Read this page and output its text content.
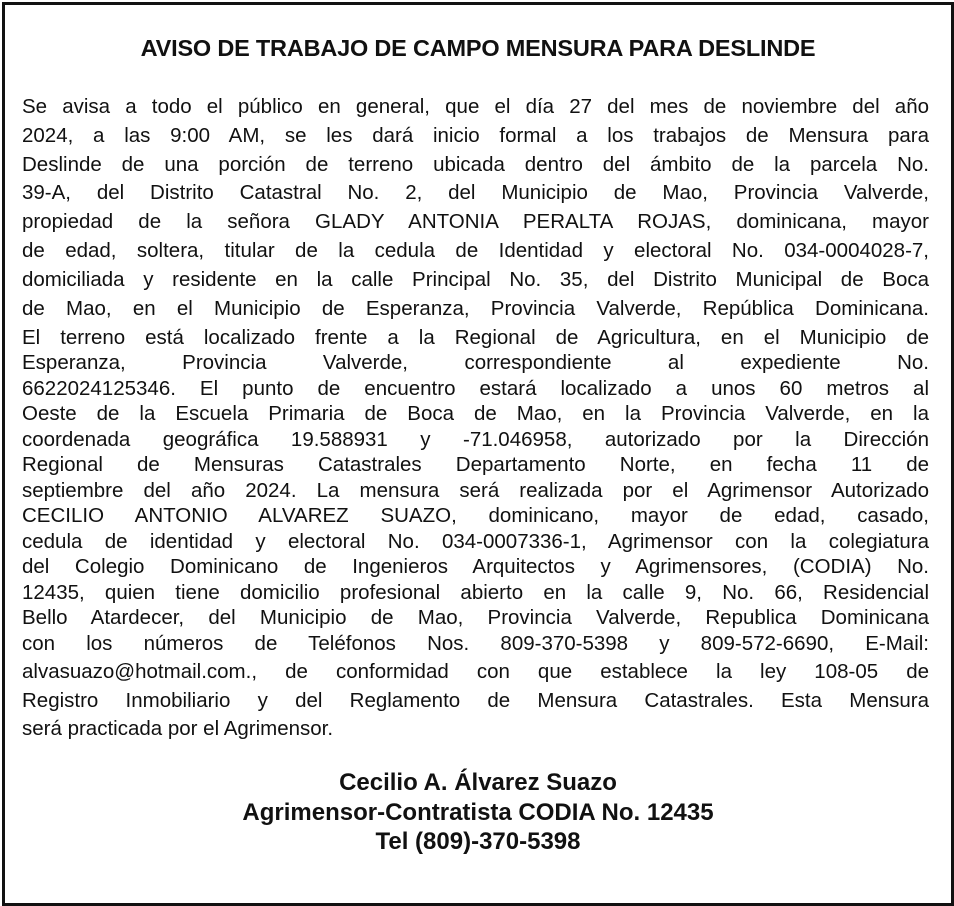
AVISO DE TRABAJO DE CAMPO MENSURA PARA DESLINDE
Se avisa a todo el público en general, que el día 27 del mes de noviembre del año
2024, a las 9:00 AM, se les dará inicio formal a los trabajos de Mensura para
Deslinde de una porción de terreno ubicada dentro del ámbito de la parcela No.
39-A, del Distrito Catastral No. 2, del Municipio de Mao, Provincia Valverde,
propiedad de la señora GLADY ANTONIA PERALTA ROJAS, dominicana, mayor
de edad, soltera, titular de la cedula de Identidad y electoral No. 034-0004028-7,
domiciliada y residente en la calle Principal No. 35, del Distrito Municipal de Boca
de Mao, en el Municipio de Esperanza, Provincia Valverde, República Dominicana.
El terreno está localizado frente a la Regional de Agricultura, en el Municipio de
Esperanza, Provincia Valverde, correspondiente al expediente No.
6622024125346. El punto de encuentro estará localizado a unos 60 metros al
Oeste de la Escuela Primaria de Boca de Mao, en la Provincia Valverde, en la
coordenada geográfica 19.588931 y -71.046958, autorizado por la Dirección
Regional de Mensuras Catastrales Departamento Norte, en fecha 11 de
septiembre del año 2024. La mensura será realizada por el Agrimensor Autorizado
CECILIO ANTONIO ALVAREZ SUAZO, dominicano, mayor de edad, casado,
cedula de identidad y electoral No. 034-0007336-1, Agrimensor con la colegiatura
del Colegio Dominicano de Ingenieros Arquitectos y Agrimensores, (CODIA) No.
12435, quien tiene domicilio profesional abierto en la calle 9, No. 66, Residencial
Bello Atardecer, del Municipio de Mao, Provincia Valverde, Republica Dominicana
con los números de Teléfonos Nos. 809-370-5398 y 809-572-6690, E-Mail:
alvasuazo@hotmail.com., de conformidad con que establece la ley 108-05 de
Registro Inmobiliario y del Reglamento de Mensura Catastrales. Esta Mensura
será practicada por el Agrimensor.
Cecilio A. Álvarez Suazo
Agrimensor-Contratista CODIA No. 12435
Tel (809)-370-5398
